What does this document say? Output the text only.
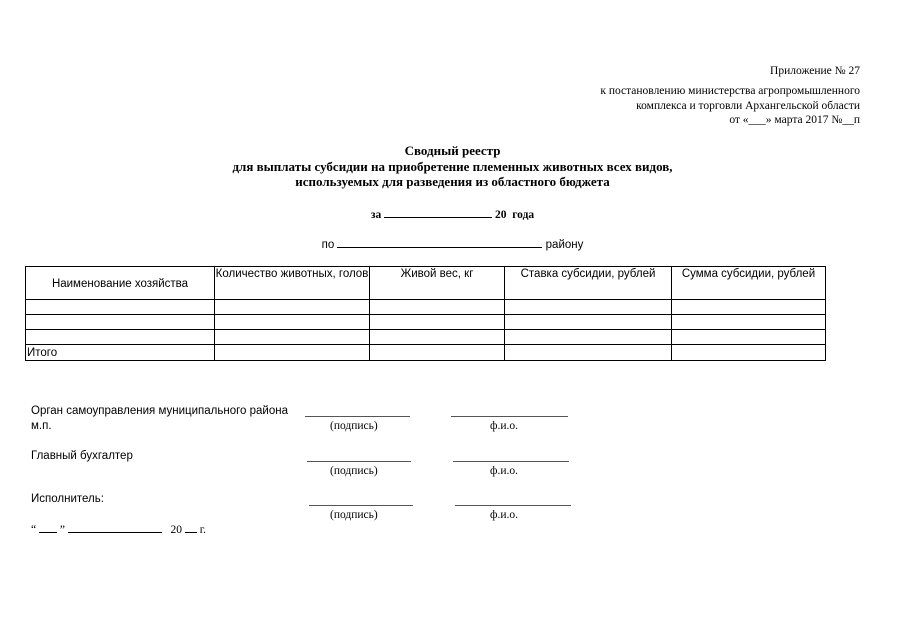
Приложение № 27
к постановлению министерства агропромышленного
комплекса и торговли Архангельской области
от «___» марта 2017 №__п
Сводный реестр
для выплаты субсидии на приобретение племенных животных всех видов,
используемых для разведения из областного бюджета
за	20 года
по	району
Наименование хозяйства	Количество животных, голов	Живой вес, кг	Ставка субсидии, рублей	Сумма субсидии, рублей

Итого				
Орган самоуправления муниципального района
м.п.	(подпись)	ф.и.о.
Главный бухгалтер
(подпись)	ф.и.о.
Исполнитель:
(подпись)	ф.и.о.
“ ”	20 г.
